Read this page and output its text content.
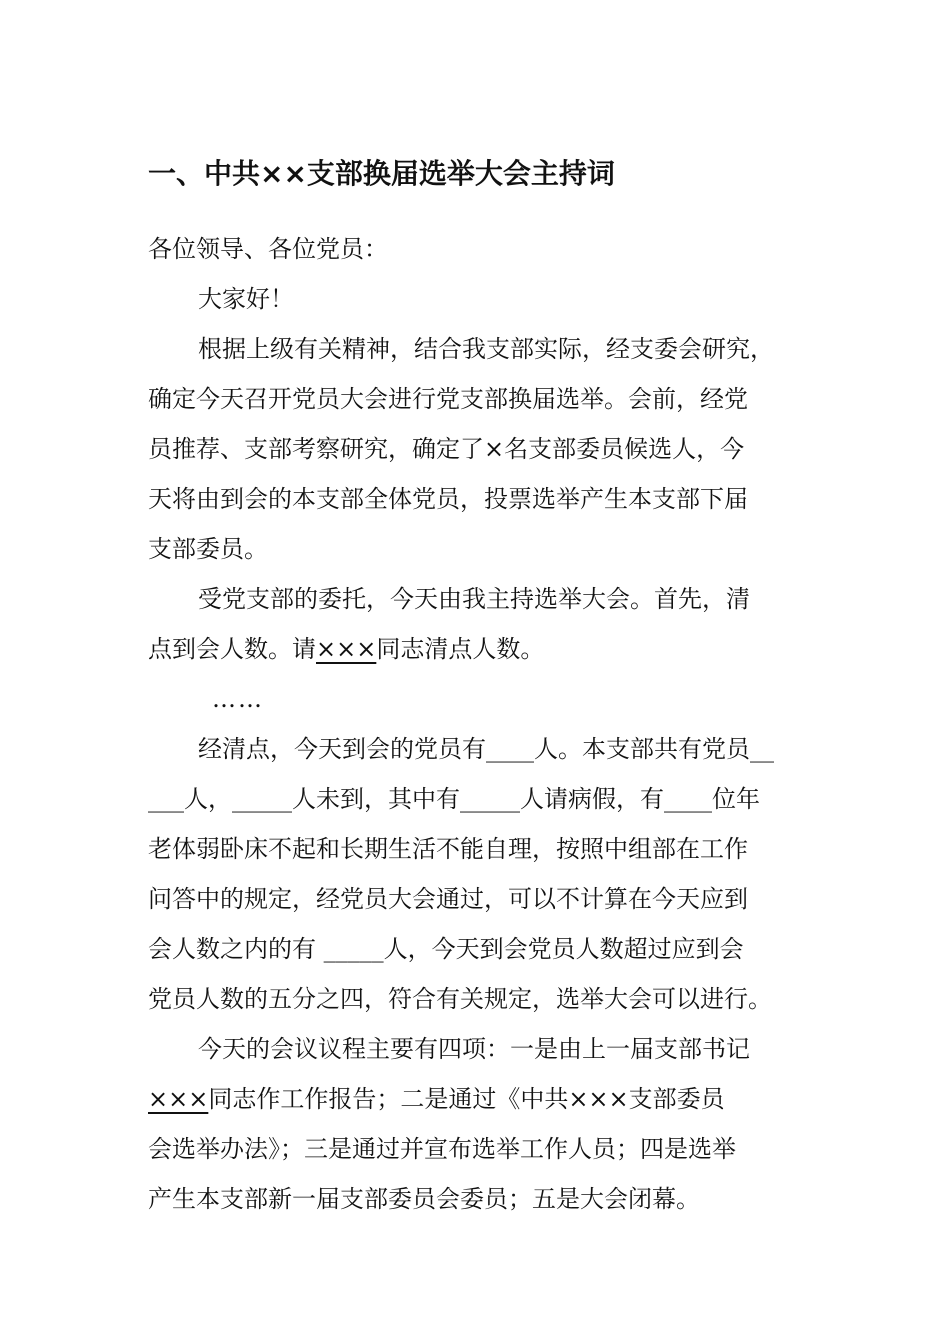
一、中共××支部换届选举大会主持词
各位领导、各位党员：
大家好！
根据上级有关精神，结合我支部实际，经支委会研究，
确定今天召开党员大会进行党支部换届选举。会前，经党
员推荐、支部考察研究，确定了×名支部委员候选人，今
天将由到会的本支部全体党员，投票选举产生本支部下届
支部委员。
受党支部的委托，今天由我主持选举大会。首先，清
点到会人数。请×××同志清点人数。
……
经清点，今天到会的党员有____人。本支部共有党员__
___人，_____人未到，其中有_____人请病假，有____位年
老体弱卧床不起和长期生活不能自理，按照中组部在工作
问答中的规定，经党员大会通过，可以不计算在今天应到
会人数之内的有 _____人，今天到会党员人数超过应到会
党员人数的五分之四，符合有关规定，选举大会可以进行。
今天的会议议程主要有四项：一是由上一届支部书记
×××同志作工作报告；二是通过《中共×××支部委员
会选举办法》；三是通过并宣布选举工作人员；四是选举
产生本支部新一届支部委员会委员；五是大会闭幕。
